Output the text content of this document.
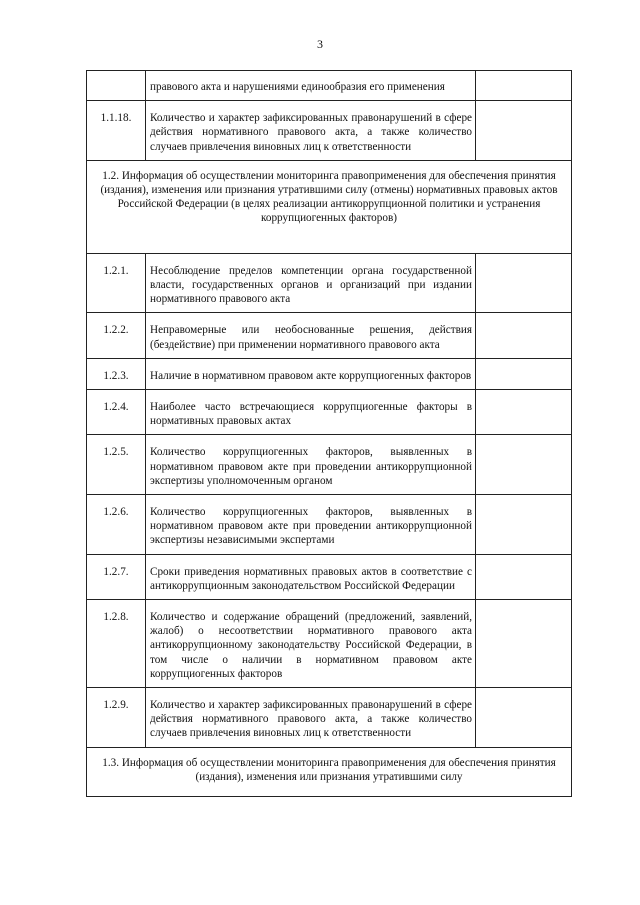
3
	правового акта и нарушениями единообразия его применения	
1.1.18.	Количество и характер зафиксированных правонарушений в сфере действия нормативного правового акта, а также количество случаев привлечения виновных лиц к ответственности	
1.2. Информация об осуществлении мониторинга правоприменения для обеспечения принятия (издания), изменения или признания утратившими силу (отмены) нормативных правовых актов Российской Федерации (в целях реализации антикоррупционной политики и устранения коррупциогенных факторов)		
1.2.1.	Несоблюдение пределов компетенции органа государственной власти, государственных органов и организаций при издании нормативного правового акта	
1.2.2.	Неправомерные или необоснованные решения, действия (бездействие) при применении нормативного правового акта	
1.2.3.	Наличие в нормативном правовом акте коррупциогенных факторов	
1.2.4.	Наиболее часто встречающиеся коррупциогенные факторы в нормативных правовых актах	
1.2.5.	Количество коррупциогенных факторов, выявленных в нормативном правовом акте при проведении антикоррупционной экспертизы уполномоченным органом	
1.2.6.	Количество коррупциогенных факторов, выявленных в нормативном правовом акте при проведении антикоррупционной экспертизы независимыми экспертами	
1.2.7.	Сроки приведения нормативных правовых актов в соответствие с антикоррупционным законодательством Российской Федерации	
1.2.8.	Количество и содержание обращений (предложений, заявлений, жалоб) о несоответствии нормативного правового акта антикоррупционному законодательству Российской Федерации, в том числе о наличии в нормативном правовом акте коррупциогенных факторов	
1.2.9.	Количество и характер зафиксированных правонарушений в сфере действия нормативного правового акта, а также количество случаев привлечения виновных лиц к ответственности	
1.3. Информация об осуществлении мониторинга правоприменения для обеспечения принятия (издания), изменения или признания утратившими силу		
